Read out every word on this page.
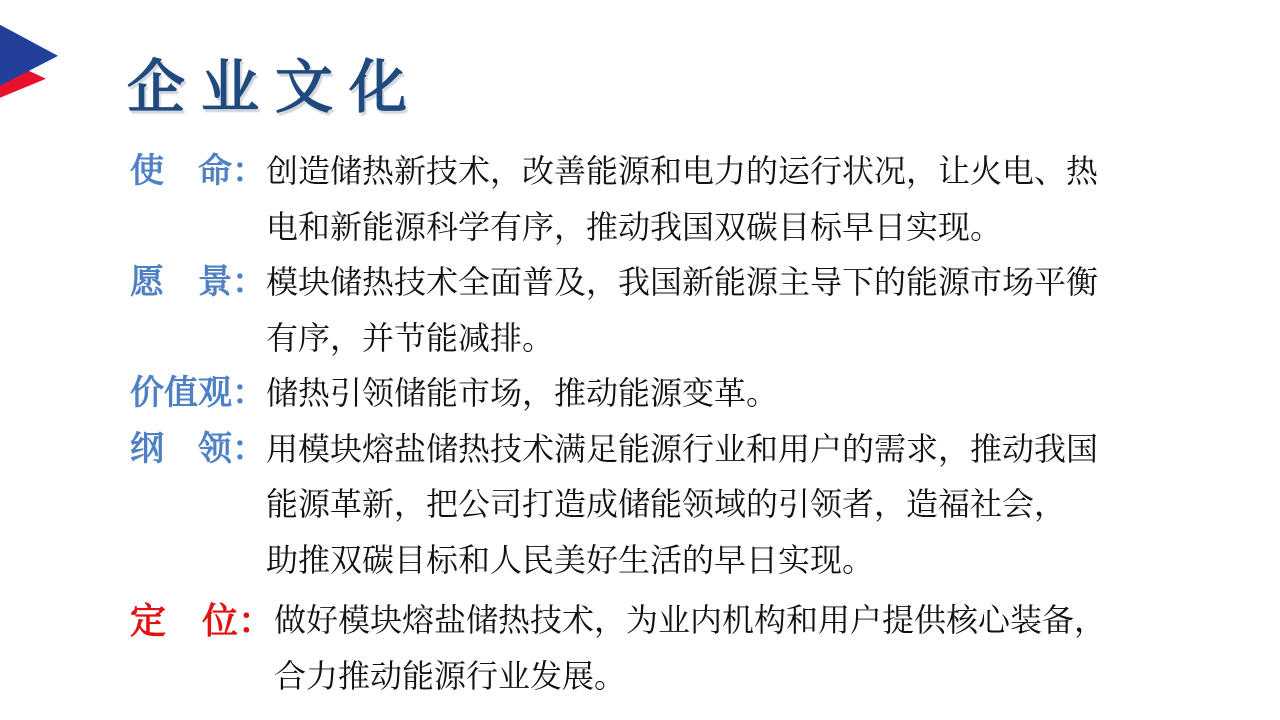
企业文化
使　命： 创造储热新技术，改善能源和电力的运行状况，让火电、热
电和新能源科学有序，推动我国双碳目标早日实现。
愿　景： 模块储热技术全面普及，我国新能源主导下的能源市场平衡
有序，并节能减排。
价值观： 储热引领储能市场，推动能源变革。
纲　领： 用模块熔盐储热技术满足能源行业和用户的需求，推动我国
能源革新，把公司打造成储能领域的引领者，造福社会，
助推双碳目标和人民美好生活的早日实现。
定　位： 做好模块熔盐储热技术，为业内机构和用户提供核心装备，
合力推动能源行业发展。
